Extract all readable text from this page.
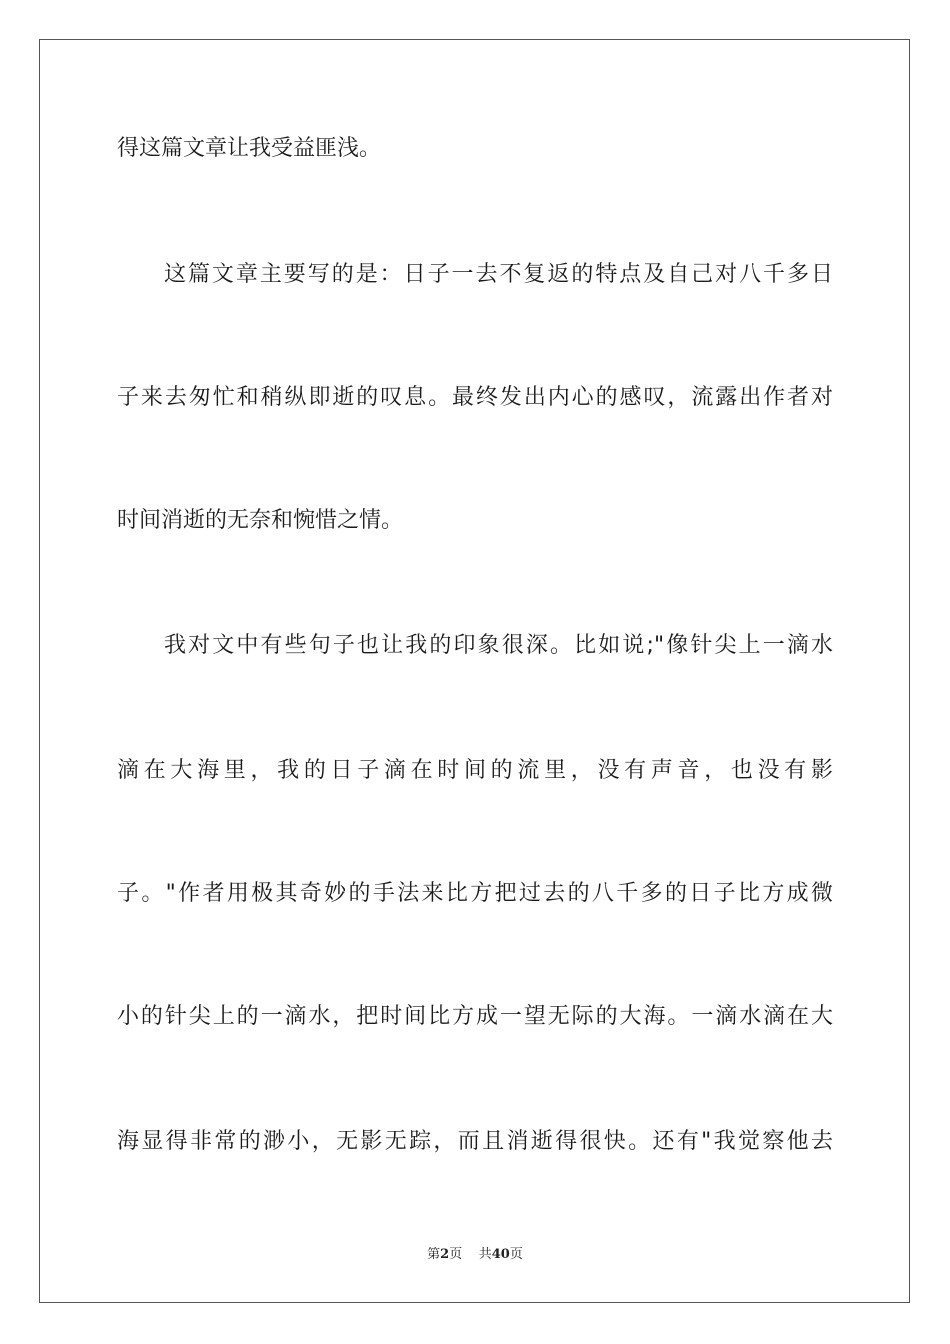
得这篇文章让我受益匪浅。
这篇文章主要写的是：日子一去不复返的特点及自己对八千多日
子来去匆忙和稍纵即逝的叹息。最终发出内心的感叹，流露出作者对
时间消逝的无奈和惋惜之情。
我对文中有些句子也让我的印象很深。比如说;"像针尖上一滴水
滴在大海里，我的日子滴在时间的流里，没有声音，也没有影
子。"作者用极其奇妙的手法来比方把过去的八千多的日子比方成微
小的针尖上的一滴水，把时间比方成一望无际的大海。一滴水滴在大
海显得非常的渺小，无影无踪，而且消逝得很快。还有"我觉察他去
第2页 共40页
